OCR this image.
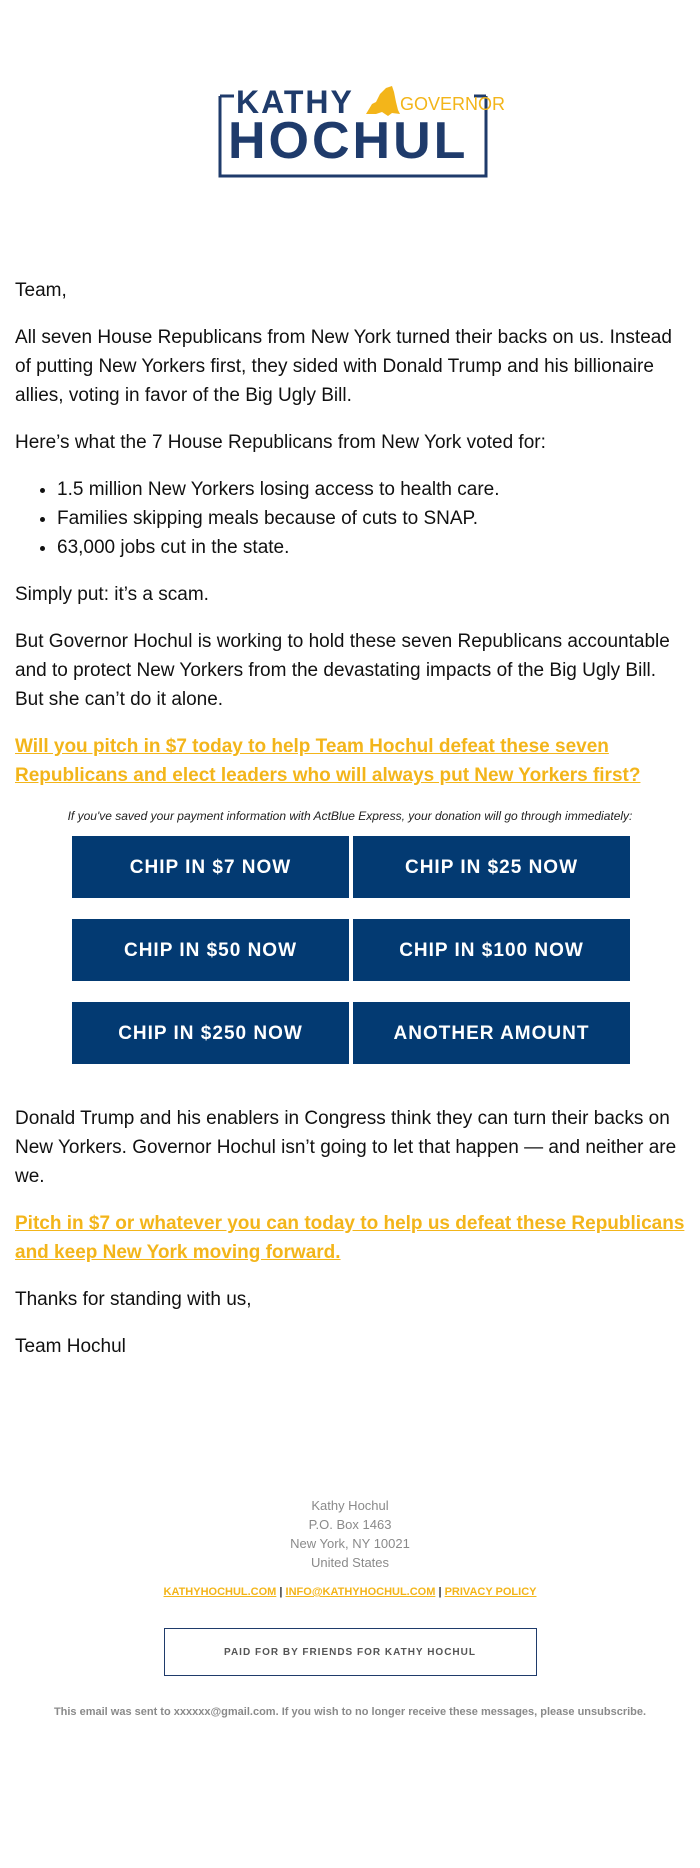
KATHY	GOVERNOR
HOCHUL
Team,
All seven House Republicans from New York turned their backs on us. Instead of putting New Yorkers first, they sided with Donald Trump and his billionaire allies, voting in favor of the Big Ugly Bill.
Here’s what the 7 House Republicans from New York voted for:
• 1.5 million New Yorkers losing access to health care.
• Families skipping meals because of cuts to SNAP.
• 63,000 jobs cut in the state.
Simply put: it’s a scam.
But Governor Hochul is working to hold these seven Republicans accountable and to protect New Yorkers from the devastating impacts of the Big Ugly Bill. But she can’t do it alone.
Will you pitch in $7 today to help Team Hochul defeat these seven Republicans and elect leaders who will always put New Yorkers first?
If you've saved your payment information with ActBlue Express, your donation will go through immediately:
CHIP IN $7 NOW	CHIP IN $25 NOW
CHIP IN $50 NOW	CHIP IN $100 NOW
CHIP IN $250 NOW	ANOTHER AMOUNT
Donald Trump and his enablers in Congress think they can turn their backs on New Yorkers. Governor Hochul isn’t going to let that happen — and neither are we.
Pitch in $7 or whatever you can today to help us defeat these Republicans and keep New York moving forward.
Thanks for standing with us,
Team Hochul
Kathy Hochul
P.O. Box 1463
New York, NY 10021
United States
KATHYHOCHUL.COM | INFO@KATHYHOCHUL.COM | PRIVACY POLICY
PAID FOR BY FRIENDS FOR KATHY HOCHUL
This email was sent to xxxxxx@gmail.com. If you wish to no longer receive these messages, please unsubscribe.
